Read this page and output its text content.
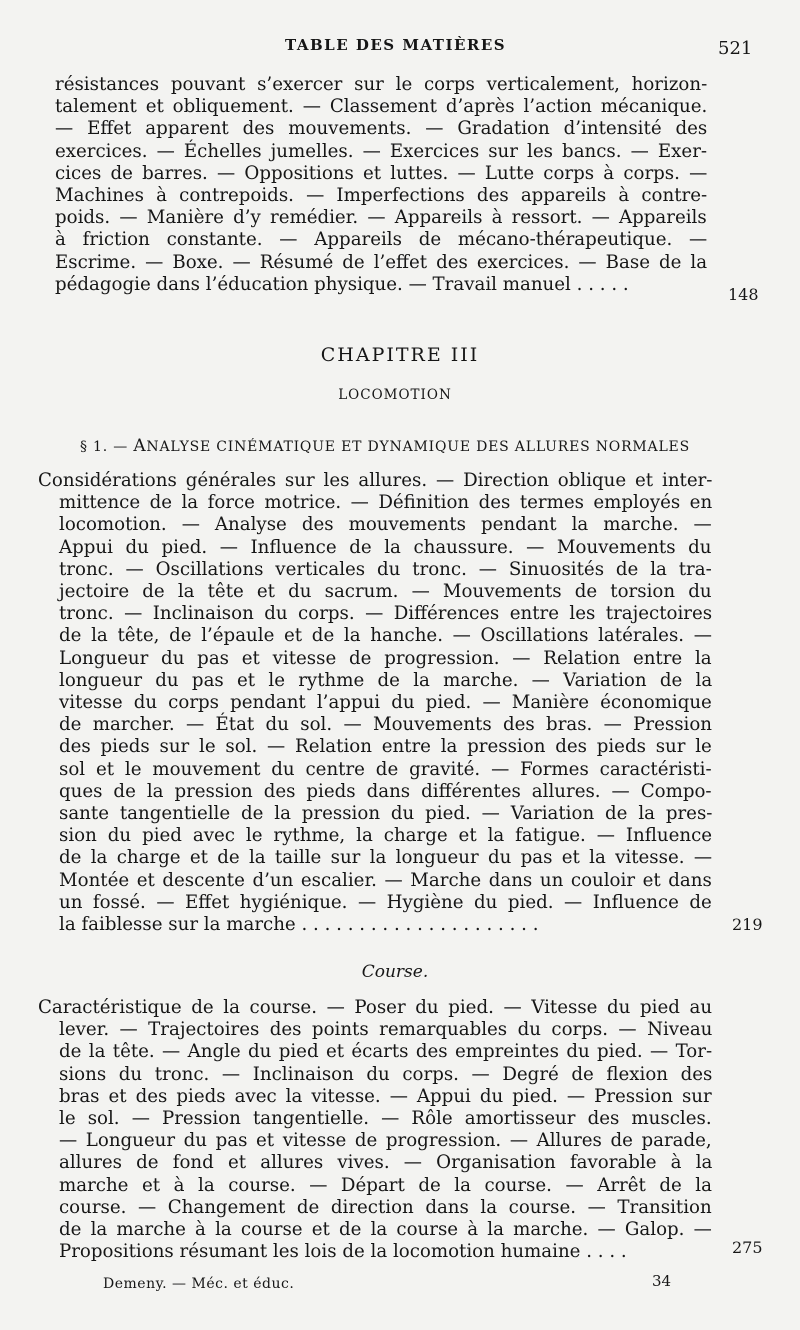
TABLE DES MATIÈRES	521
résistances pouvant s’exercer sur le corps verticalement, horizon-
talement et obliquement. — Classement d’après l’action mécanique.
— Effet apparent des mouvements. — Gradation d’intensité des
exercices. — Échelles jumelles. — Exercices sur les bancs. — Exer-
cices de barres. — Oppositions et luttes. — Lutte corps à corps. —
Machines à contrepoids. — Imperfections des appareils à contre-
poids. — Manière d’y remédier. — Appareils à ressort. — Appareils
à friction constante. — Appareils de mécano-thérapeutique. —
Escrime. — Boxe. — Résumé de l’effet des exercices. — Base de la
pédagogie dans l’éducation physique. — Travail manuel . . . . .	148
CHAPITRE III
LOCOMOTION
§ 1. — ANALYSE CINÉMATIQUE ET DYNAMIQUE DES ALLURES NORMALES
Considérations générales sur les allures. — Direction oblique et inter-
mittence de la force motrice. — Définition des termes employés en
locomotion. — Analyse des mouvements pendant la marche. —
Appui du pied. — Influence de la chaussure. — Mouvements du
tronc. — Oscillations verticales du tronc. — Sinuosités de la tra-
jectoire de la tête et du sacrum. — Mouvements de torsion du
tronc. — Inclinaison du corps. — Différences entre les trajectoires
de la tête, de l’épaule et de la hanche. — Oscillations latérales. —
Longueur du pas et vitesse de progression. — Relation entre la
longueur du pas et le rythme de la marche. — Variation de la
vitesse du corps pendant l’appui du pied. — Manière économique
de marcher. — État du sol. — Mouvements des bras. — Pression
des pieds sur le sol. — Relation entre la pression des pieds sur le
sol et le mouvement du centre de gravité. — Formes caractéristi-
ques de la pression des pieds dans différentes allures. — Compo-
sante tangentielle de la pression du pied. — Variation de la pres-
sion du pied avec le rythme, la charge et la fatigue. — Influence
de la charge et de la taille sur la longueur du pas et la vitesse. —
Montée et descente d’un escalier. — Marche dans un couloir et dans
un fossé. — Effet hygiénique. — Hygiène du pied. — Influence de
la faiblesse sur la marche . . . . . . . . . . . . . . . . . . . . .	219
Course.
Caractéristique de la course. — Poser du pied. — Vitesse du pied au
lever. — Trajectoires des points remarquables du corps. — Niveau
de la tête. — Angle du pied et écarts des empreintes du pied. — Tor-
sions du tronc. — Inclinaison du corps. — Degré de flexion des
bras et des pieds avec la vitesse. — Appui du pied. — Pression sur
le sol. — Pression tangentielle. — Rôle amortisseur des muscles.
— Longueur du pas et vitesse de progression. — Allures de parade,
allures de fond et allures vives. — Organisation favorable à la
marche et à la course. — Départ de la course. — Arrêt de la
course. — Changement de direction dans la course. — Transition
de la marche à la course et de la course à la marche. — Galop. —
Propositions résumant les lois de la locomotion humaine . . . .	275
Demeny. — Méc. et éduc.	34
